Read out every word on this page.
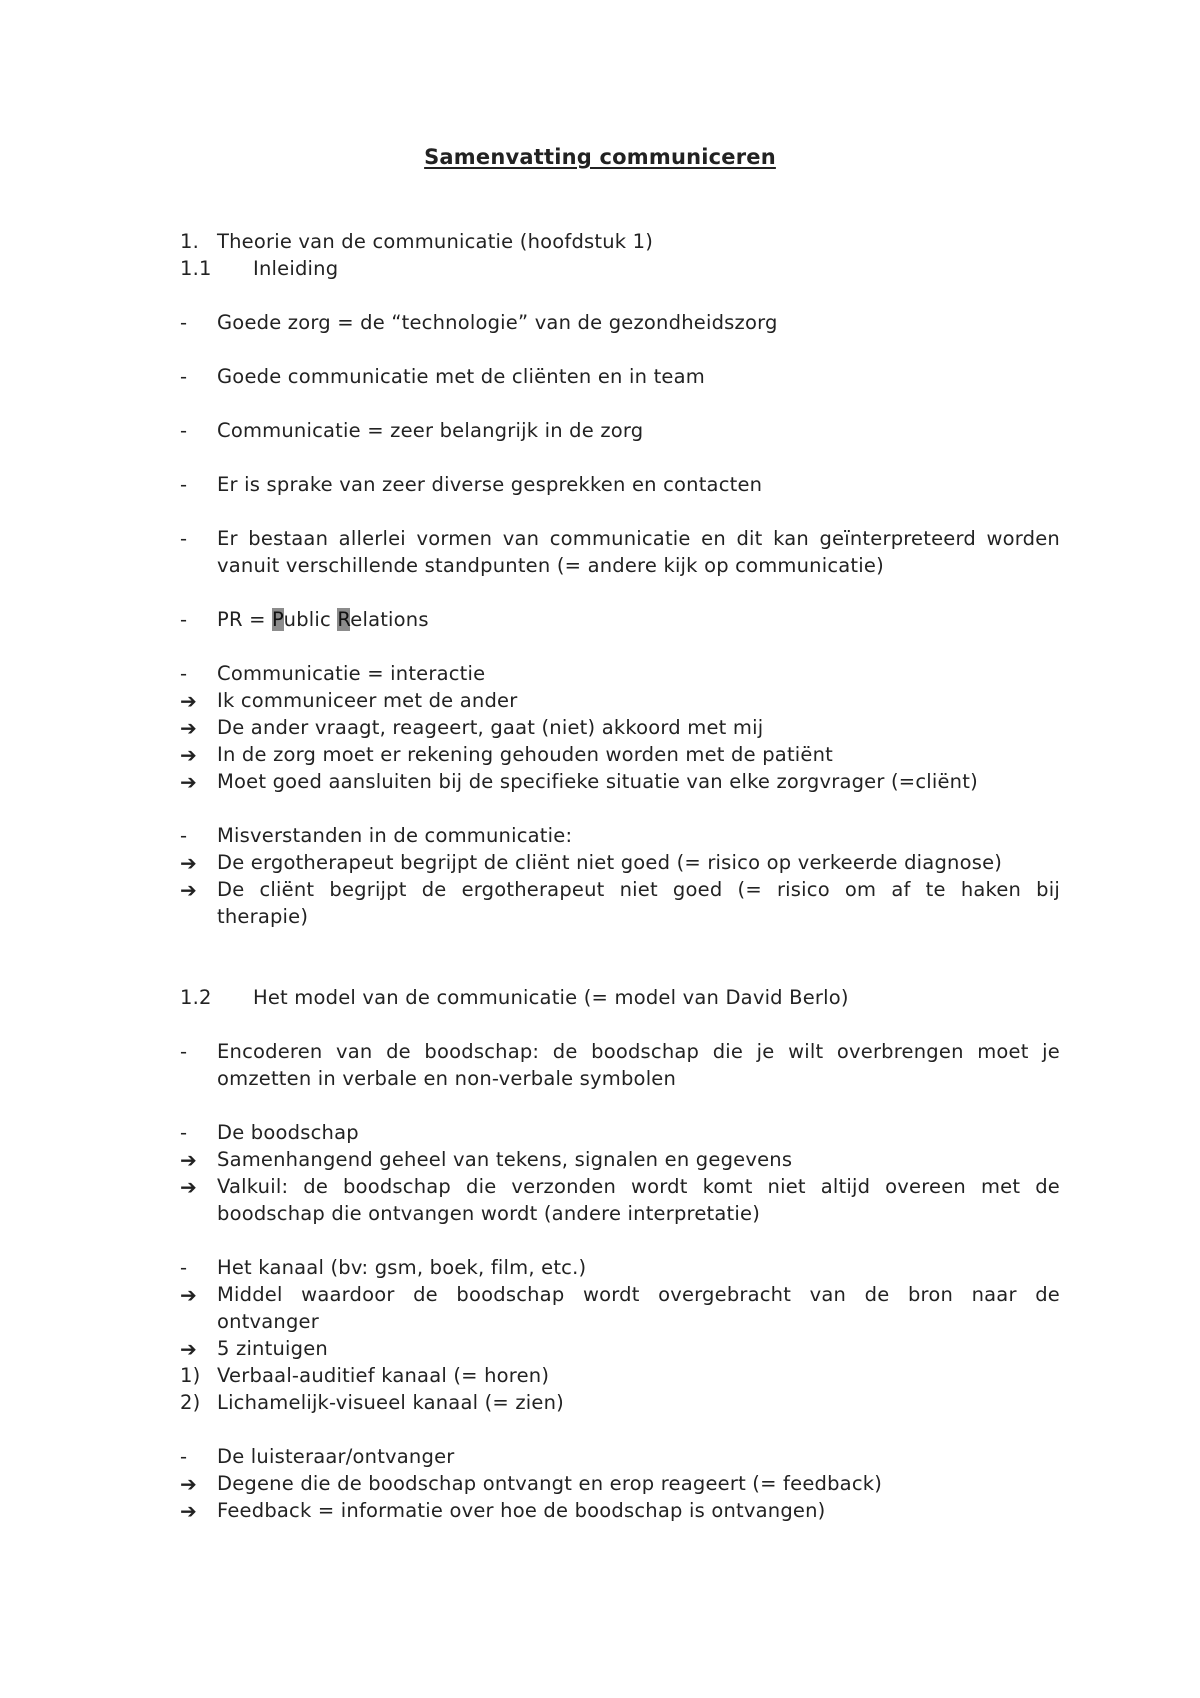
Samenvatting communiceren
1. Theorie van de communicatie (hoofdstuk 1)
1.1	Inleiding
-	Goede zorg = de “technologie” van de gezondheidszorg
-	Goede communicatie met de cliënten en in team
-	Communicatie = zeer belangrijk in de zorg
-	Er is sprake van zeer diverse gesprekken en contacten
-	Er bestaan allerlei vormen van communicatie en dit kan geïnterpreteerd worden
vanuit verschillende standpunten (= andere kijk op communicatie)
-	PR = Public Relations
-	Communicatie = interactie
➔	Ik communiceer met de ander
➔	De ander vraagt, reageert, gaat (niet) akkoord met mij
➔	In de zorg moet er rekening gehouden worden met de patiënt
➔	Moet goed aansluiten bij de specifieke situatie van elke zorgvrager (=cliënt)
-	Misverstanden in de communicatie:
➔	De ergotherapeut begrijpt de cliënt niet goed (= risico op verkeerde diagnose)
➔	De cliënt begrijpt de ergotherapeut niet goed (= risico om af te haken bij
therapie)
1.2	Het model van de communicatie (= model van David Berlo)
-	Encoderen van de boodschap: de boodschap die je wilt overbrengen moet je
omzetten in verbale en non-verbale symbolen
-	De boodschap
➔	Samenhangend geheel van tekens, signalen en gegevens
➔	Valkuil: de boodschap die verzonden wordt komt niet altijd overeen met de
boodschap die ontvangen wordt (andere interpretatie)
-	Het kanaal (bv: gsm, boek, film, etc.)
➔	Middel waardoor de boodschap wordt overgebracht van de bron naar de
ontvanger
➔	5 zintuigen
1) Verbaal-auditief kanaal (= horen)
2) Lichamelijk-visueel kanaal (= zien)
-	De luisteraar/ontvanger
➔	Degene die de boodschap ontvangt en erop reageert (= feedback)
➔	Feedback = informatie over hoe de boodschap is ontvangen)
